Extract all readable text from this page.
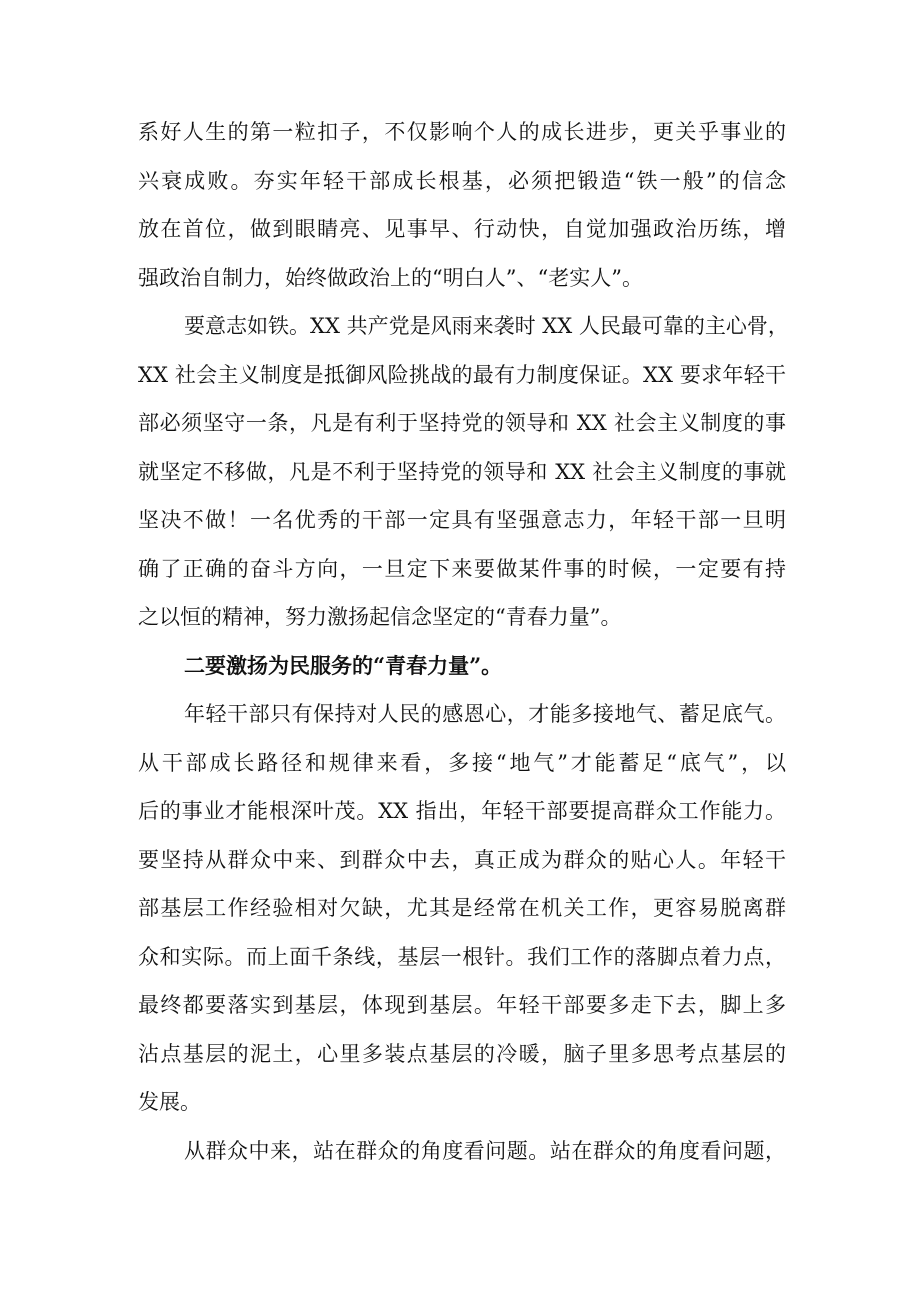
系好人生的第一粒扣子，不仅影响个人的成长进步，更关乎事业的
兴衰成败。夯实年轻干部成长根基，必须把锻造“铁一般”的信念
放在首位，做到眼睛亮、见事早、行动快，自觉加强政治历练，增
强政治自制力，始终做政治上的“明白人”、“老实人”。
要意志如铁。XX 共产党是风雨来袭时 XX 人民最可靠的主心骨，
XX 社会主义制度是抵御风险挑战的最有力制度保证。XX 要求年轻干
部必须坚守一条，凡是有利于坚持党的领导和 XX 社会主义制度的事
就坚定不移做，凡是不利于坚持党的领导和 XX 社会主义制度的事就
坚决不做！一名优秀的干部一定具有坚强意志力，年轻干部一旦明
确了正确的奋斗方向，一旦定下来要做某件事的时候，一定要有持
之以恒的精神，努力激扬起信念坚定的“青春力量”。
二要激扬为民服务的“青春力量”。
年轻干部只有保持对人民的感恩心，才能多接地气、蓄足底气。
从干部成长路径和规律来看，多接“地气”才能蓄足“底气”，以
后的事业才能根深叶茂。XX 指出，年轻干部要提高群众工作能力。
要坚持从群众中来、到群众中去，真正成为群众的贴心人。年轻干
部基层工作经验相对欠缺，尤其是经常在机关工作，更容易脱离群
众和实际。而上面千条线，基层一根针。我们工作的落脚点着力点，
最终都要落实到基层，体现到基层。年轻干部要多走下去，脚上多
沾点基层的泥土，心里多装点基层的冷暖，脑子里多思考点基层的
发展。
从群众中来，站在群众的角度看问题。站在群众的角度看问题，
